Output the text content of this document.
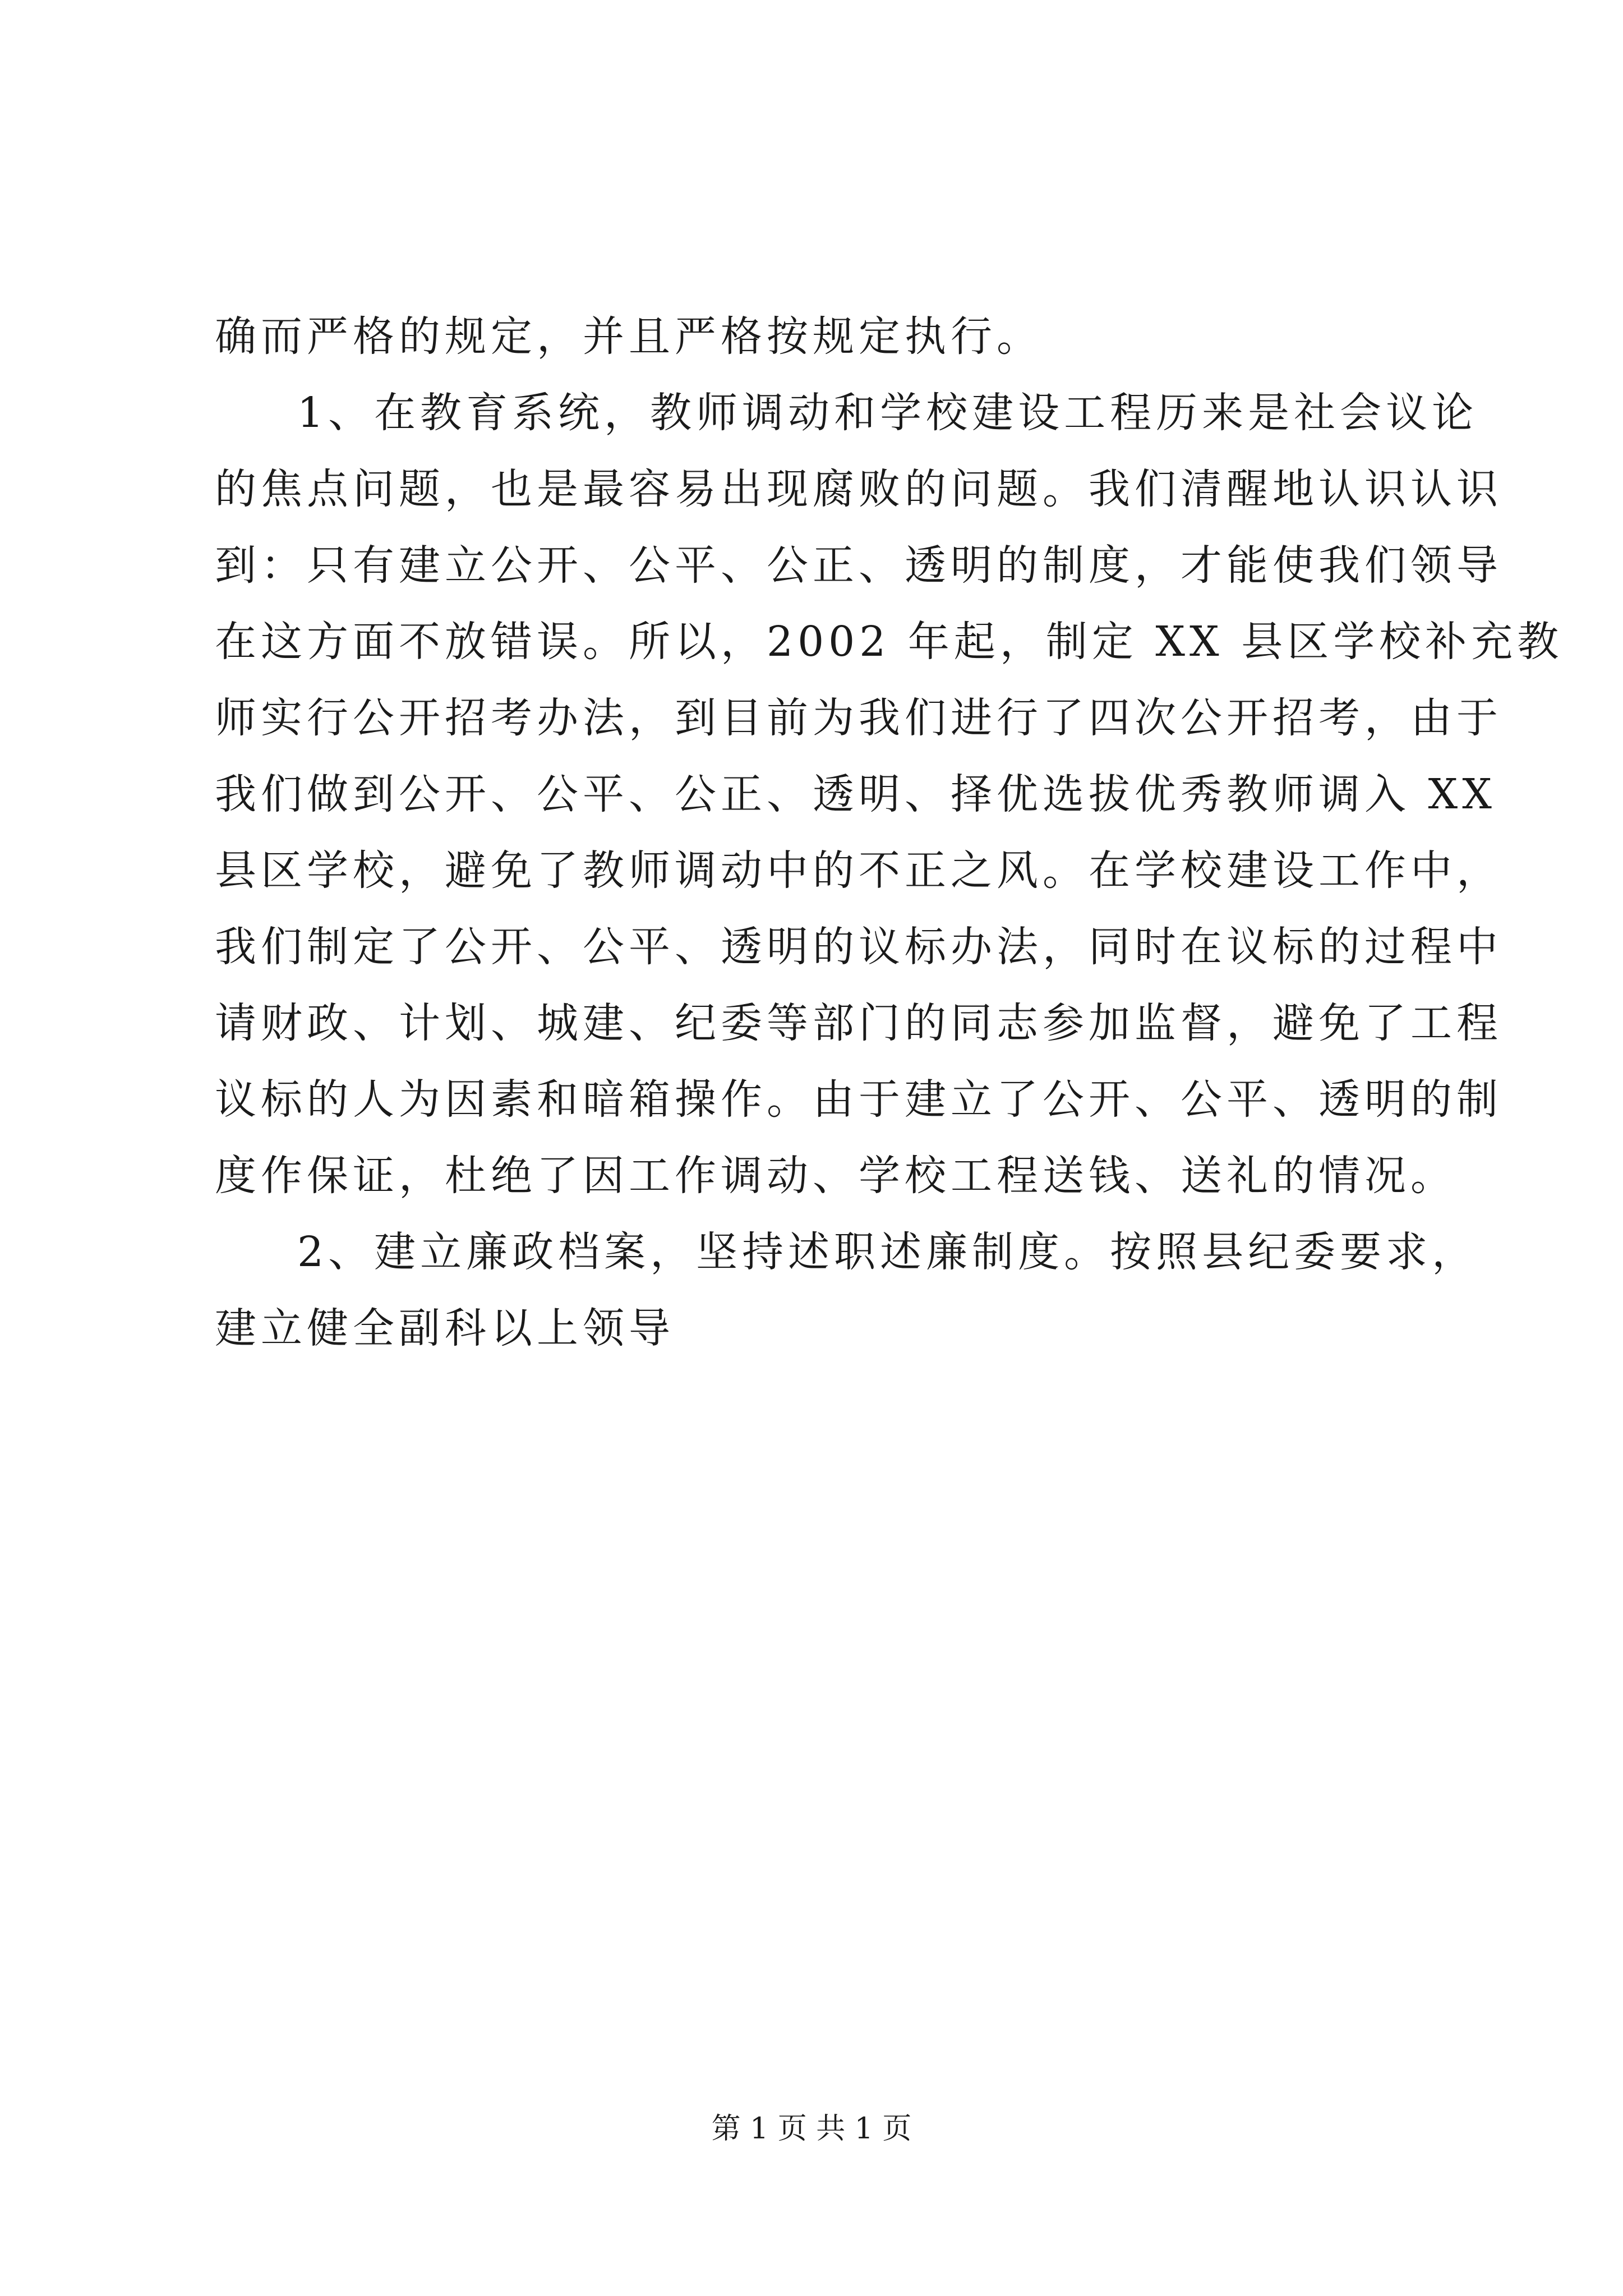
确而严格的规定，并且严格按规定执行。
1、在教育系统，教师调动和学校建设工程历来是社会议论
的焦点问题，也是最容易出现腐败的问题。我们清醒地认识认识
到：只有建立公开、公平、公正、透明的制度，才能使我们领导
在这方面不放错误。所以，2002 年起，制定 XX 县区学校补充教
师实行公开招考办法，到目前为我们进行了四次公开招考，由于
我们做到公开、公平、公正、透明、择优选拔优秀教师调入 XX
县区学校，避免了教师调动中的不正之风。在学校建设工作中，
我们制定了公开、公平、透明的议标办法，同时在议标的过程中
请财政、计划、城建、纪委等部门的同志参加监督，避免了工程
议标的人为因素和暗箱操作。由于建立了公开、公平、透明的制
度作保证，杜绝了因工作调动、学校工程送钱、送礼的情况。
2、建立廉政档案，坚持述职述廉制度。按照县纪委要求，
建立健全副科以上领导
第 1 页 共 1 页
